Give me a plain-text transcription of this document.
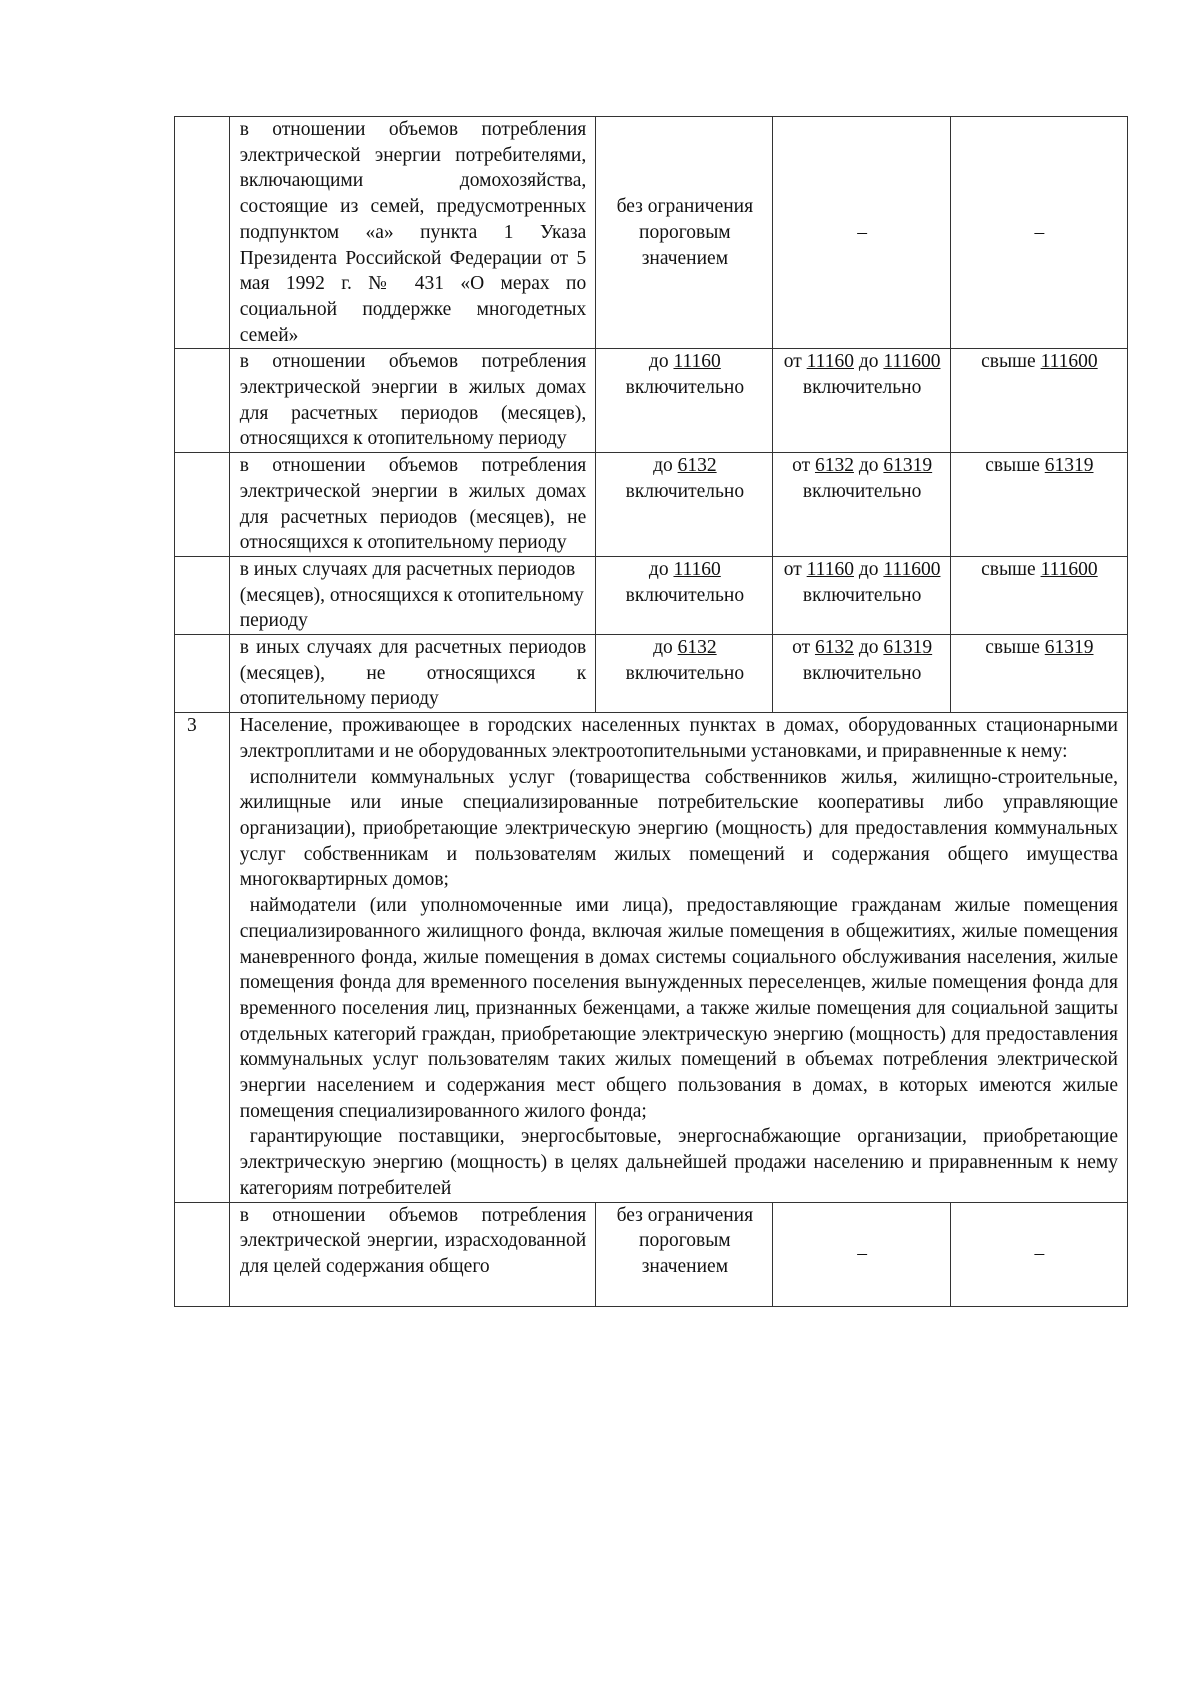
	в отношении объемов потребления электрической энергии потребителями, включающими домохозяйства, состоящие из семей, предусмотренных подпунктом «а» пункта 1 Указа Президента Российской Федерации от 5 мая 1992 г. № 431 «О мерах по социальной поддержке многодетных семей»	без ограничения пороговым значением	–	–
	в отношении объемов потребления электрической энергии в жилых домах для расчетных периодов (месяцев), относящихся к отопительному периоду	до 11160 включительно	от 11160 до 111600 включительно	свыше 111600
	в отношении объемов потребления электрической энергии в жилых домах для расчетных периодов (месяцев), не относящихся к отопительному периоду	до 6132 включительно	от 6132 до 61319 включительно	свыше 61319
	в иных случаях для расчетных периодов (месяцев), относящихся к отопительному периоду	до 11160 включительно	от 11160 до 111600 включительно	свыше 111600
	в иных случаях для расчетных периодов (месяцев), не относящихся к отопительному периоду	до 6132 включительно	от 6132 до 61319 включительно	свыше 61319
3	Население, проживающее в городских населенных пунктах в домах, оборудованных стационарными электроплитами и не оборудованных электроотопительными установками, и приравненные к нему:
исполнители коммунальных услуг (товарищества собственников жилья, жилищно-строительные, жилищные или иные специализированные потребительские кооперативы либо управляющие организации), приобретающие электрическую энергию (мощность) для предоставления коммунальных услуг собственникам и пользователям жилых помещений и содержания общего имущества многоквартирных домов;
наймодатели (или уполномоченные ими лица), предоставляющие гражданам жилые помещения специализированного жилищного фонда, включая жилые помещения в общежитиях, жилые помещения маневренного фонда, жилые помещения в домах системы социального обслуживания населения, жилые помещения фонда для временного поселения вынужденных переселенцев, жилые помещения фонда для временного поселения лиц, признанных беженцами, а также жилые помещения для социальной защиты отдельных категорий граждан, приобретающие электрическую энергию (мощность) для предоставления коммунальных услуг пользователям таких жилых помещений в объемах потребления электрической энергии населением и содержания мест общего пользования в домах, в которых имеются жилые помещения специализированного жилого фонда;
гарантирующие поставщики, энергосбытовые, энергоснабжающие организации, приобретающие электрическую энергию (мощность) в целях дальнейшей продажи населению и приравненным к нему категориям потребителей			

	в отношении объемов потребления электрической энергии, израсходованной для целей содержания общего	без ограничения пороговым значением	–	–
